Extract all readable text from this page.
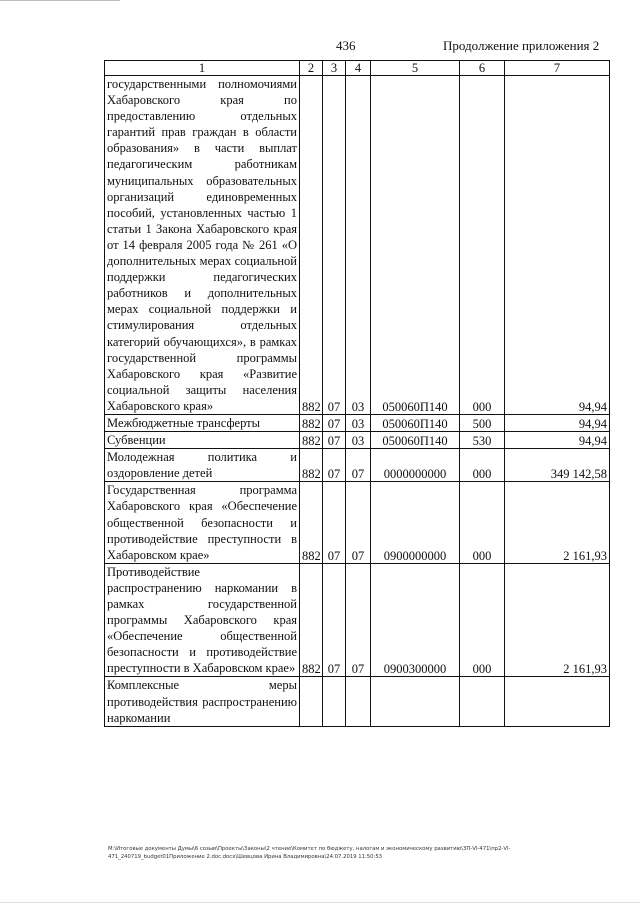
436	Продолжение приложения 2
1	2	3	4	5	6	7
государственными полномочиями Хабаровского края по предоставлению отдельных гарантий прав граждан в области образования» в части выплат педагогическим работникам муниципальных образовательных организаций единовременных пособий, установленных частью 1 статьи 1 Закона Хабаровского края от 14 февраля 2005 года № 261 «О дополнительных мерах социальной поддержки педагогических работников и дополнительных мерах социальной поддержки и стимулирования отдельных категорий обучающихся», в рамках государственной программы Хабаровского края «Развитие социальной защиты населения Хабаровского края»	882	07	03	050060П140	000	94,94
Межбюджетные трансферты	882	07	03	050060П140	500	94,94
Субвенции	882	07	03	050060П140	530	94,94
Молодежная политика и оздоровление детей	882	07	07	0000000000	000	349 142,58
Государственная программа Хабаровского края «Обеспечение общественной безопасности и противодействие преступности в Хабаровском крае»	882	07	07	0900000000	000	2 161,93
Противодействие распространению наркомании в рамках государственной программы Хабаровского края «Обеспечение общественной безопасности и противодействие преступности в Хабаровском крае»	882	07	07	0900300000	000	2 161,93
Комплексные меры противодействия распространению наркомании						
М:\Итоговые документы Думы\6 созыв\Проекты\Законы\2 чтение\Комитет по бюджету, налогам и экономическому развитию\ЗП-VI-471\пр2-VI-
471_240719_budget01Приложение 2.doc.docx\Шевцова Ирина Владимировна\24.07.2019 11:50:53
